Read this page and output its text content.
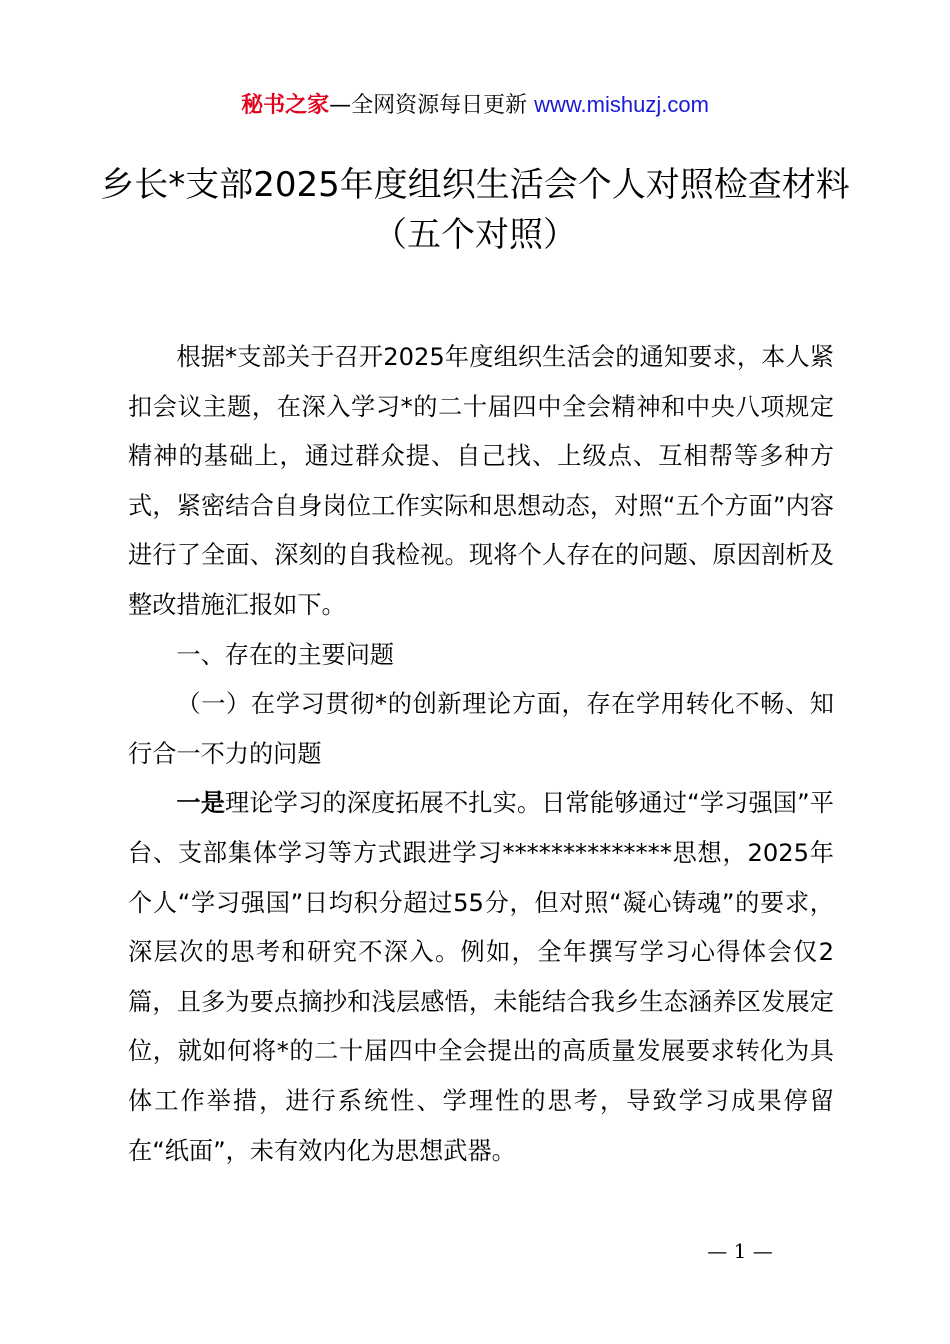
秘书之家—全网资源每日更新 www.mishuzj.com
乡长*支部2025年度组织生活会个人对照检查材料（五个对照）

根据*支部关于召开2025年度组织生活会的通知要求，本人紧扣会议主题，在深入学习*的二十届四中全会精神和中央八项规定精神的基础上，通过群众提、自己找、上级点、互相帮等多种方式，紧密结合自身岗位工作实际和思想动态，对照“五个方面”内容进行了全面、深刻的自我检视。现将个人存在的问题、原因剖析及整改措施汇报如下。

一、存在的主要问题

（一）在学习贯彻*的创新理论方面，存在学用转化不畅、知行合一不力的问题

一是理论学习的深度拓展不扎实。日常能够通过“学习强国”平台、支部集体学习等方式跟进学习**************思想，2025年个人“学习强国”日均积分超过55分，但对照“凝心铸魂”的要求，深层次的思考和研究不深入。例如，全年撰写学习心得体会仅2篇，且多为要点摘抄和浅层感悟，未能结合我乡生态涵养区发展定位，就如何将*的二十届四中全会提出的高质量发展要求转化为具体工作举措，进行系统性、学理性的思考，导致学习成果停留在“纸面”，未有效内化为思想武器。

— 1 —
